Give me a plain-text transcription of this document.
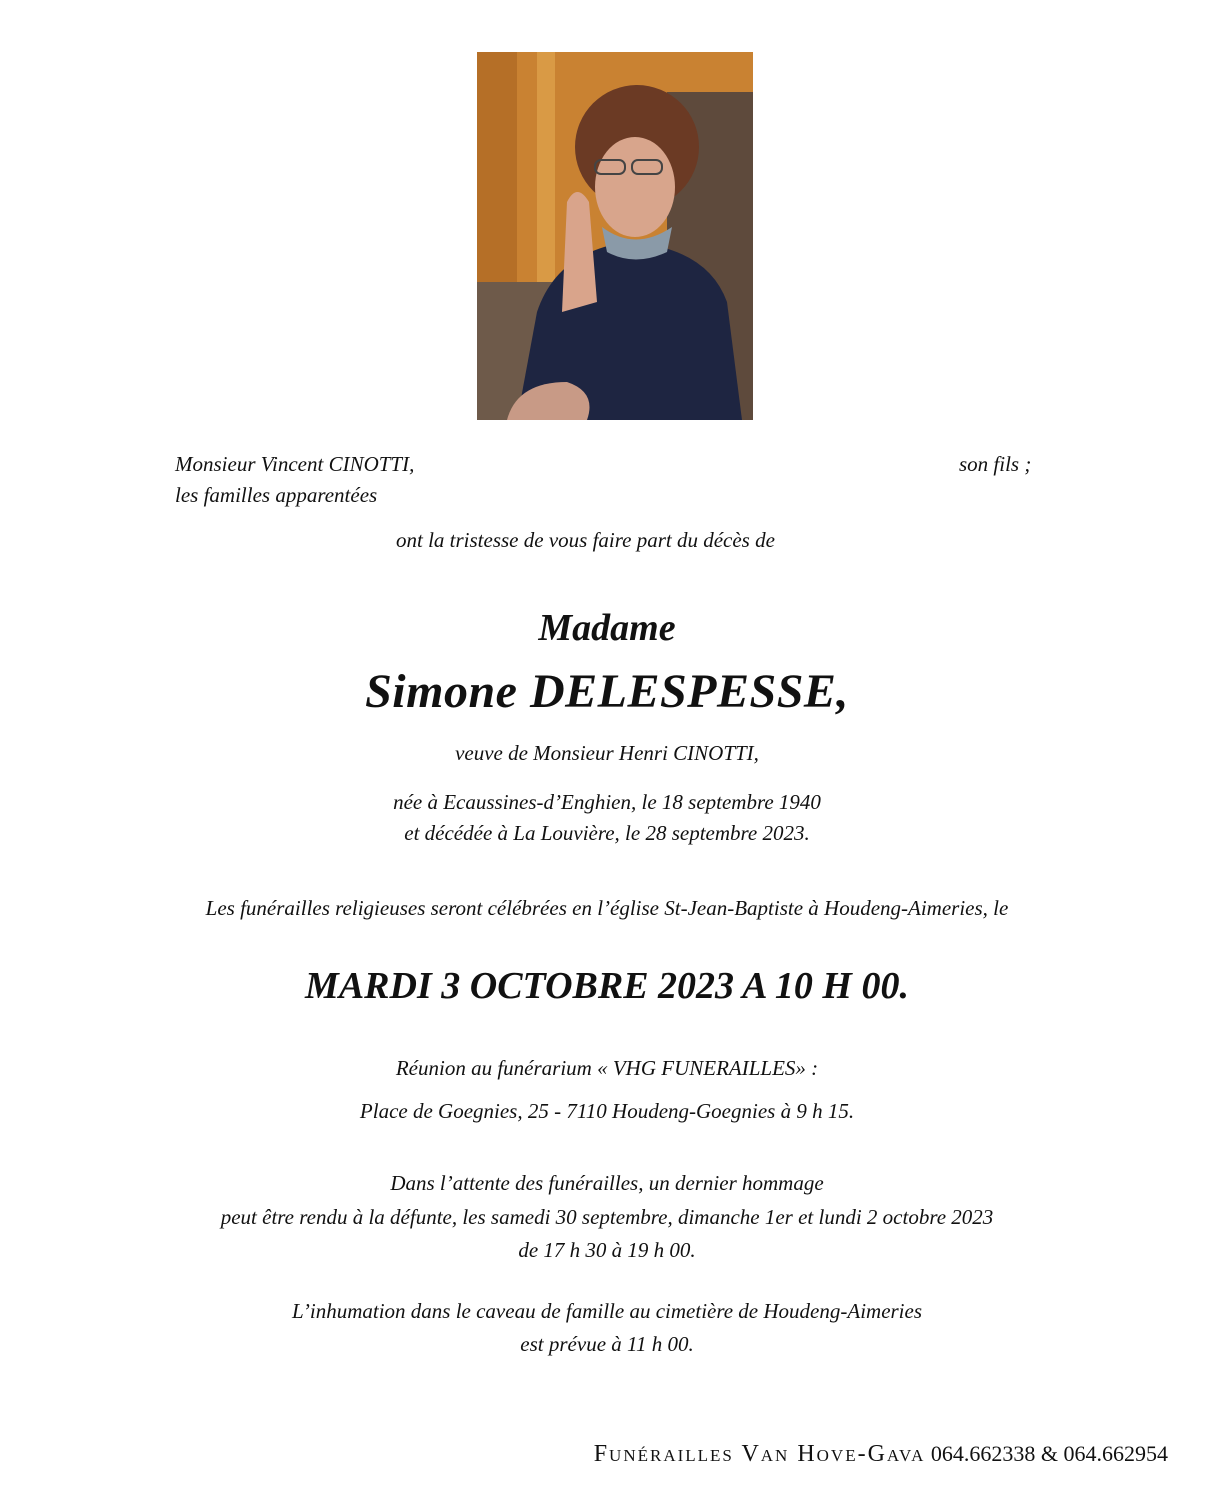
Monsieur Vincent CINOTTI,	son fils ;
les familles apparentées
ont la tristesse de vous faire part du décès de
Madame
Simone DELESPESSE,
veuve de Monsieur Henri CINOTTI,
née à Ecaussines-d’Enghien, le 18 septembre 1940
et décédée à La Louvière, le 28 septembre 2023.
Les funérailles religieuses seront célébrées en l’église St-Jean-Baptiste à Houdeng-Aimeries, le
MARDI 3 OCTOBRE 2023 A 10 H 00.
Réunion au funérarium « VHG FUNERAILLES» :
Place de Goegnies, 25 - 7110 Houdeng-Goegnies à 9 h 15.
Dans l’attente des funérailles, un dernier hommage
peut être rendu à la défunte, les samedi 30 septembre, dimanche 1er et lundi 2 octobre 2023
de 17 h 30 à 19 h 00.
L’inhumation dans le caveau de famille au cimetière de Houdeng-Aimeries
est prévue à 11 h 00.
Funérailles Van Hove-Gava 064.662338 & 064.662954
